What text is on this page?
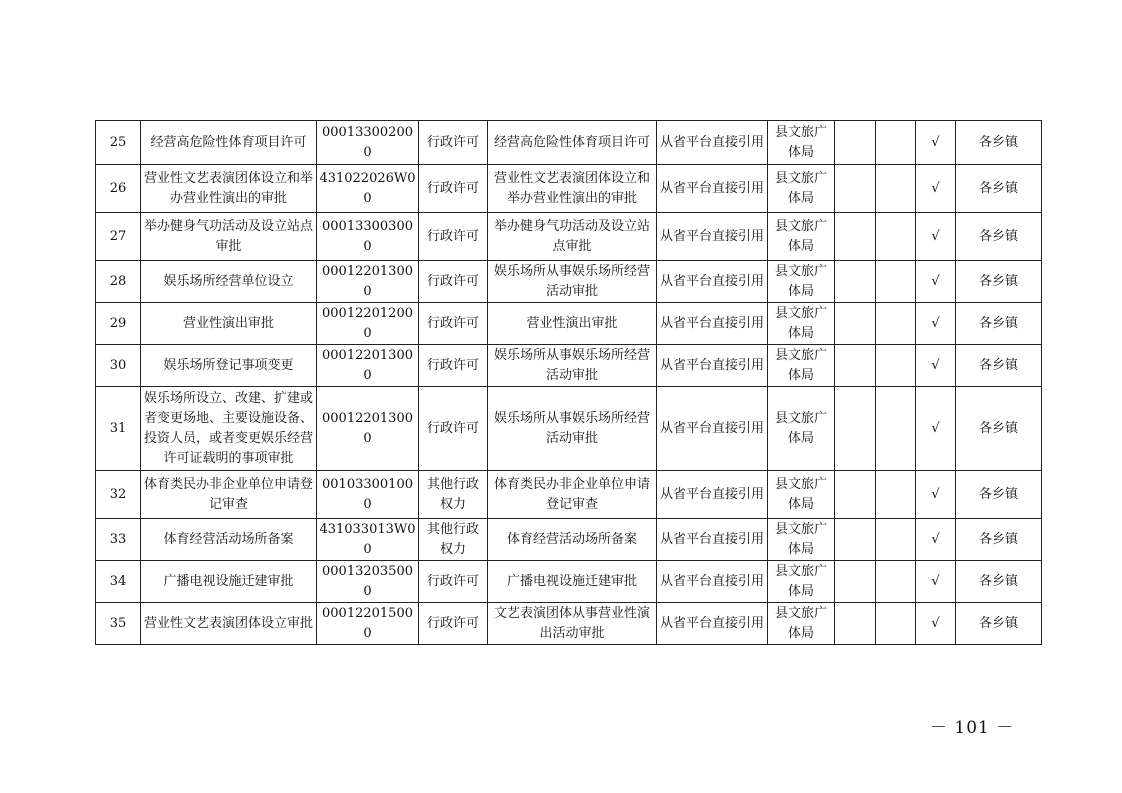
25	经营高危险性体育项目许可	000133002000	行政许可	经营高危险性体育项目许可	从省平台直接引用	县文旅广体局			√	各乡镇
26	营业性文艺表演团体设立和举办营业性演出的审批	431022026W00	行政许可	营业性文艺表演团体设立和举办营业性演出的审批	从省平台直接引用	县文旅广体局			√	各乡镇
27	举办健身气功活动及设立站点审批	000133003000	行政许可	举办健身气功活动及设立站点审批	从省平台直接引用	县文旅广体局			√	各乡镇
28	娱乐场所经营单位设立	000122013000	行政许可	娱乐场所从事娱乐场所经营活动审批	从省平台直接引用	县文旅广体局			√	各乡镇
29	营业性演出审批	000122012000	行政许可	营业性演出审批	从省平台直接引用	县文旅广体局			√	各乡镇
30	娱乐场所登记事项变更	000122013000	行政许可	娱乐场所从事娱乐场所经营活动审批	从省平台直接引用	县文旅广体局			√	各乡镇
31	娱乐场所设立、改建、扩建或者变更场地、主要设施设备、投资人员，或者变更娱乐经营许可证载明的事项审批	000122013000	行政许可	娱乐场所从事娱乐场所经营活动审批	从省平台直接引用	县文旅广体局			√	各乡镇
32	体育类民办非企业单位申请登记审查	001033001000	其他行政权力	体育类民办非企业单位申请登记审查	从省平台直接引用	县文旅广体局			√	各乡镇
33	体育经营活动场所备案	431033013W00	其他行政权力	体育经营活动场所备案	从省平台直接引用	县文旅广体局			√	各乡镇
34	广播电视设施迁建审批	000132035000	行政许可	广播电视设施迁建审批	从省平台直接引用	县文旅广体局			√	各乡镇
35	营业性文艺表演团体设立审批	000122015000	行政许可	文艺表演团体从事营业性演出活动审批	从省平台直接引用	县文旅广体局			√	各乡镇
－ 101 －
